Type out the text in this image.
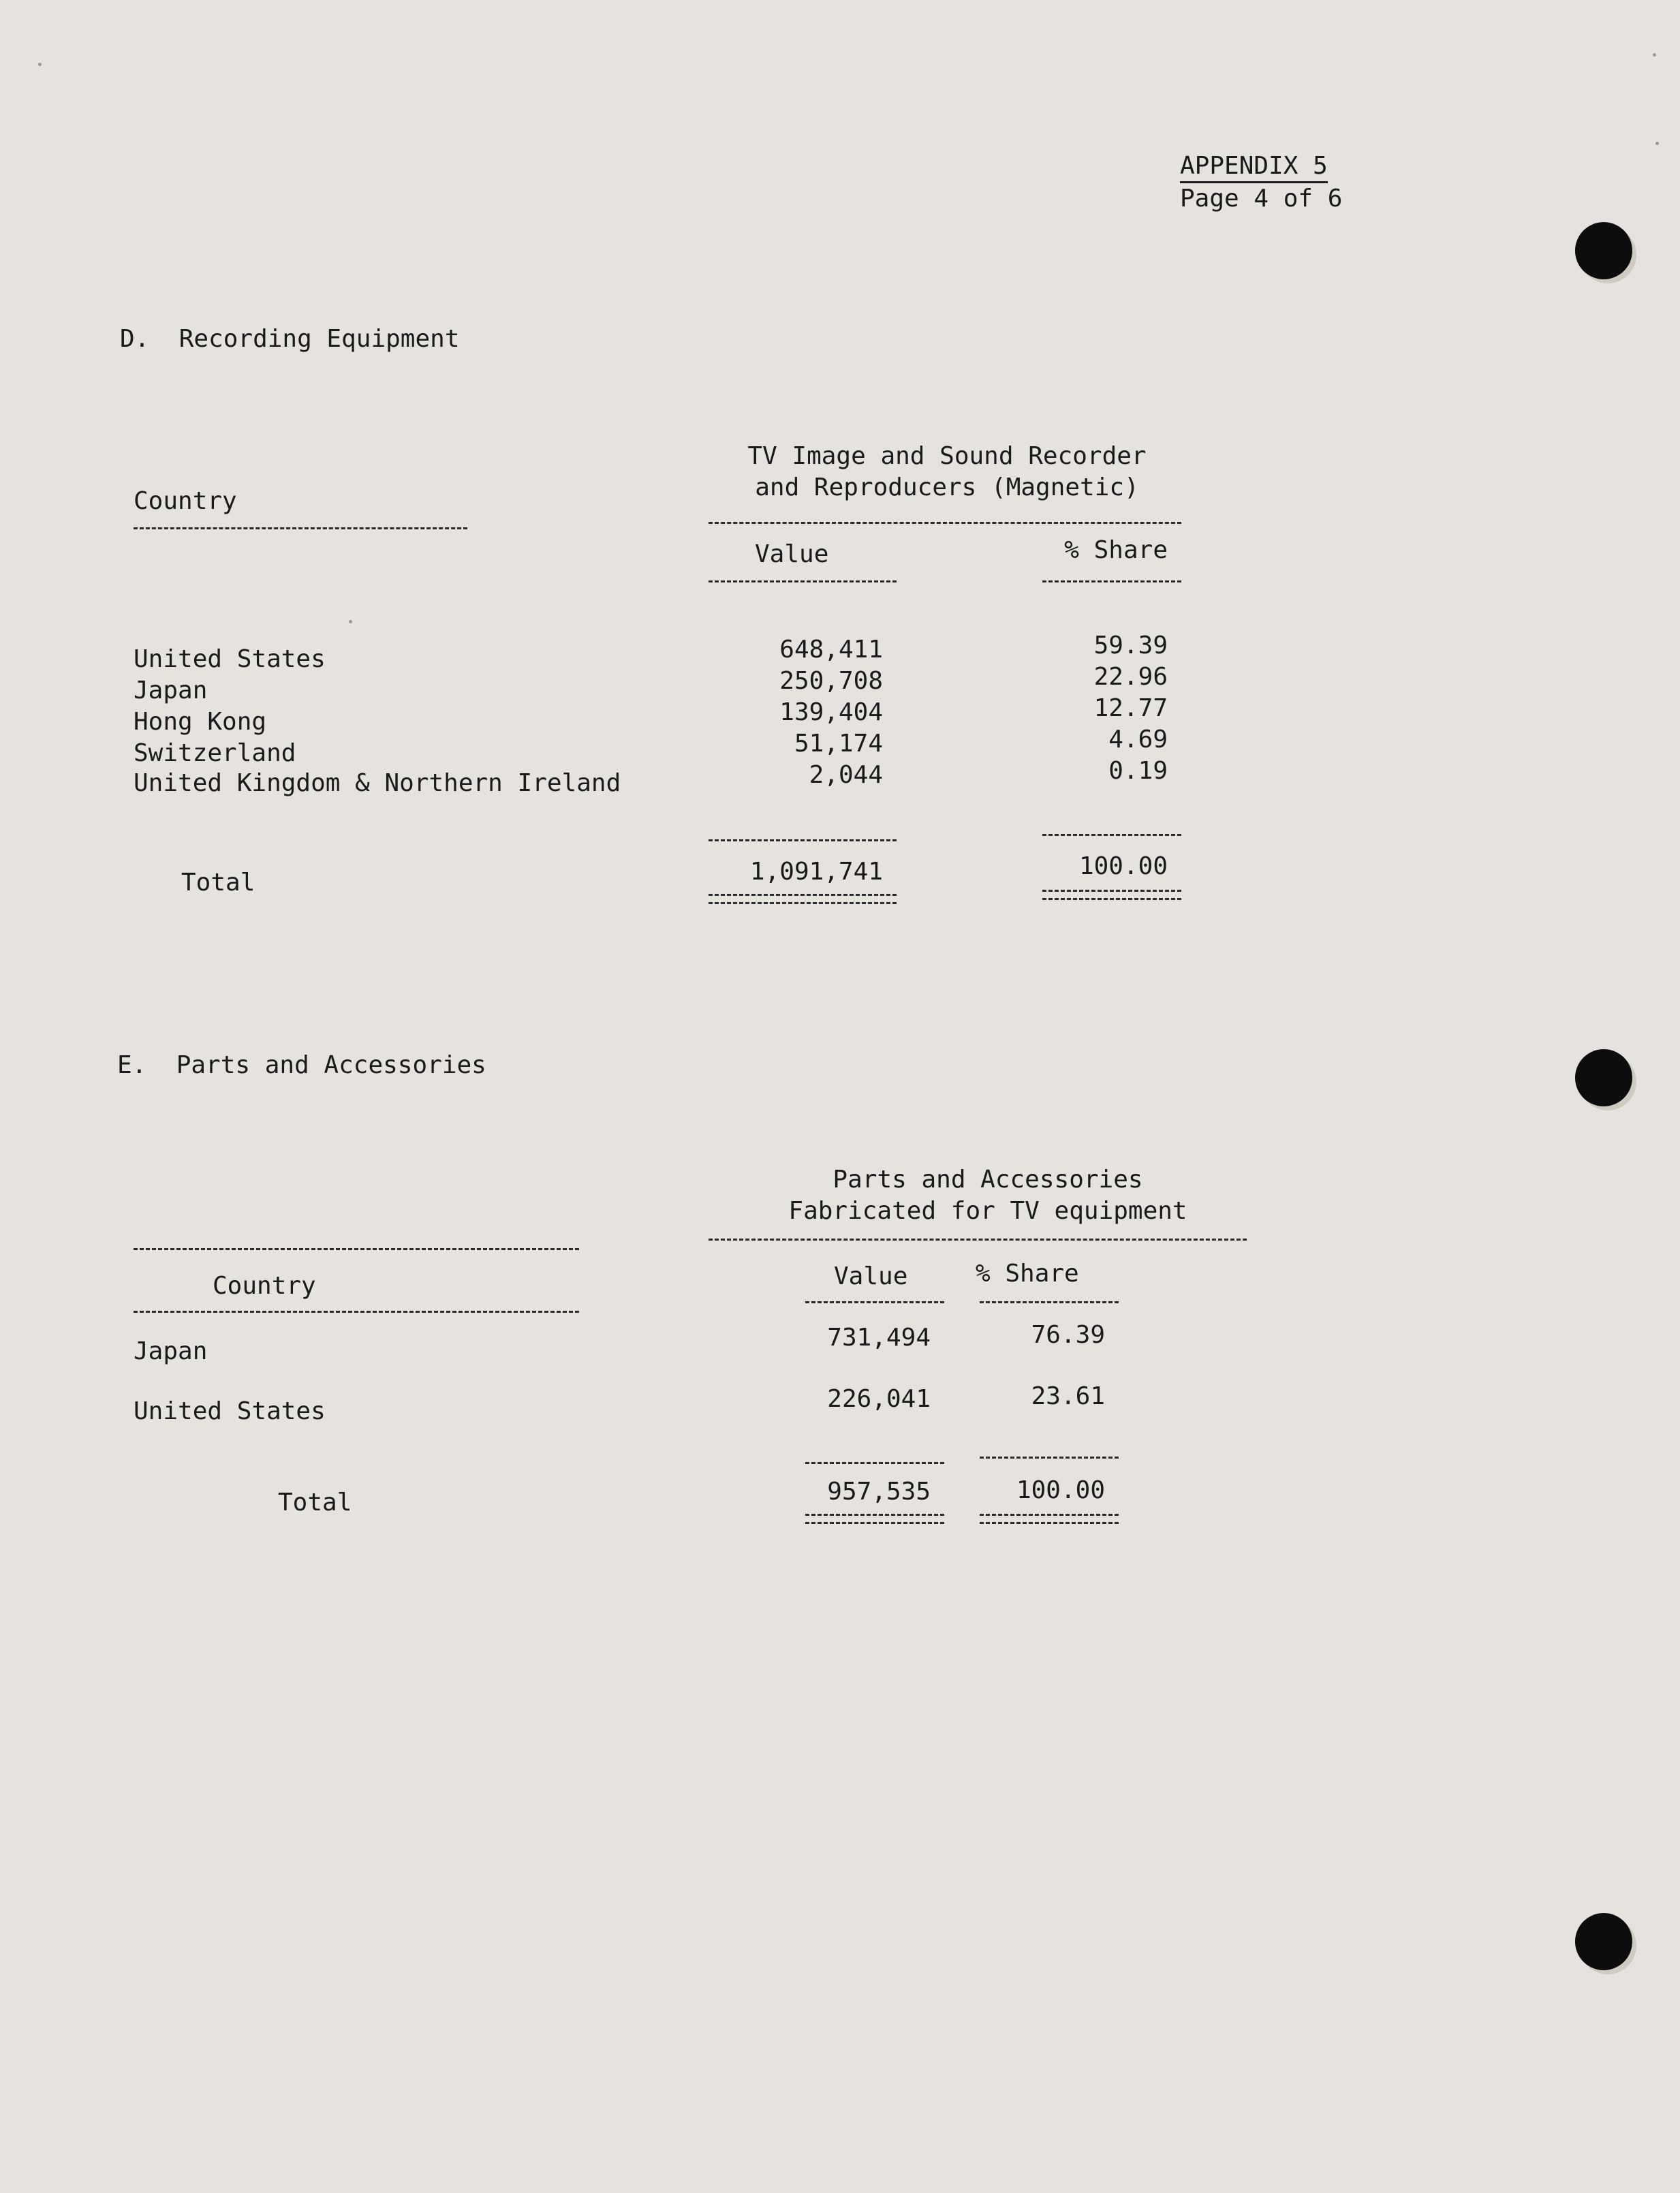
APPENDIX 5
Page 4 of 6
D.  Recording Equipment
TV Image and Sound Recorder
and Reproducers (Magnetic)
Country
Value	% Share
United States	648,411	59.39
Japan	250,708	22.96
Hong Kong	139,404	12.77
Switzerland	51,174	4.69
United Kingdom & Northern Ireland	2,044	0.19
Total	1,091,741	100.00
E.  Parts and Accessories
Parts and Accessories
Fabricated for TV equipment
Country	Value	% Share
Japan	731,494	76.39
United States	226,041	23.61
Total	957,535	100.00
